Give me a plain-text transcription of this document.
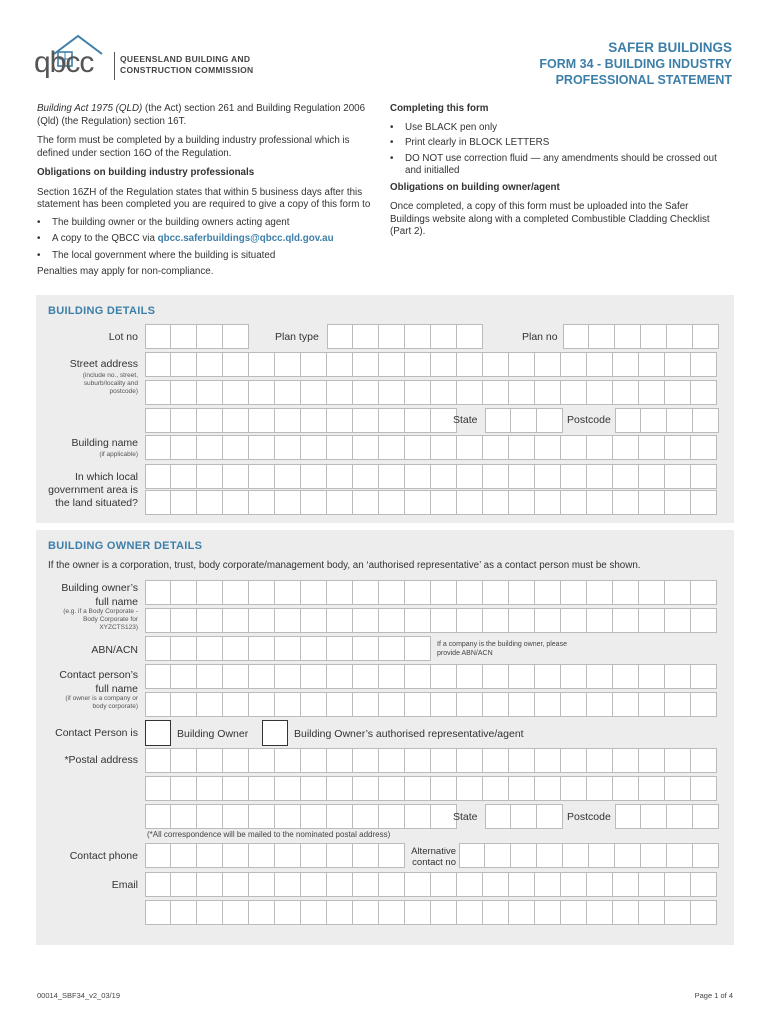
qbcc	QUEENSLAND BUILDING AND
CONSTRUCTION COMMISSION
SAFER BUILDINGS
FORM 34 - BUILDING INDUSTRY
PROFESSIONAL STATEMENT
Building Act 1975 (QLD) (the Act) section 261 and Building Regulation 2006 (Qld) (the Regulation) section 16T.
The form must be completed by a building industry professional which is defined under section 16O of the Regulation.
Obligations on building industry professionals
Section 16ZH of the Regulation states that within 5 business days after this statement has been completed you are required to give a copy of this form to
• The building owner or the building owners acting agent
• A copy to the QBCC via qbcc.saferbuildings@qbcc.qld.gov.au
• The local government where the building is situated
Penalties may apply for non-compliance.
Completing this form
• Use BLACK pen only
• Print clearly in BLOCK LETTERS
• DO NOT use correction fluid — any amendments should be crossed out and initialled
Obligations on building owner/agent
Once completed, a copy of this form must be uploaded into the Safer Buildings website along with a completed Combustible Cladding Checklist (Part 2).
BUILDING DETAILS
Lot no	Plan type	Plan no
Street address
(include no., street, suburb/locality and postcode)
State	Postcode
Building name
(if applicable)
In which local
government area is
the land situated?
BUILDING OWNER DETAILS
If the owner is a corporation, trust, body corporate/management body, an ‘authorised representative’ as a contact person must be shown.
Building owner’s
full name
(e.g. if a Body Corporate - Body Corporate for XYZCTS123)
ABN/ACN	If a company is the building owner, please provide ABN/ACN
Contact person’s
full name
(if owner is a company or body corporate)
Contact Person is	Building Owner	Building Owner’s authorised representative/agent
*Postal address
State	Postcode
(*All correspondence will be mailed to the nominated postal address)
Contact phone	Alternative
contact no
Email
00014_SBF34_v2_03/19	Page 1 of 4
